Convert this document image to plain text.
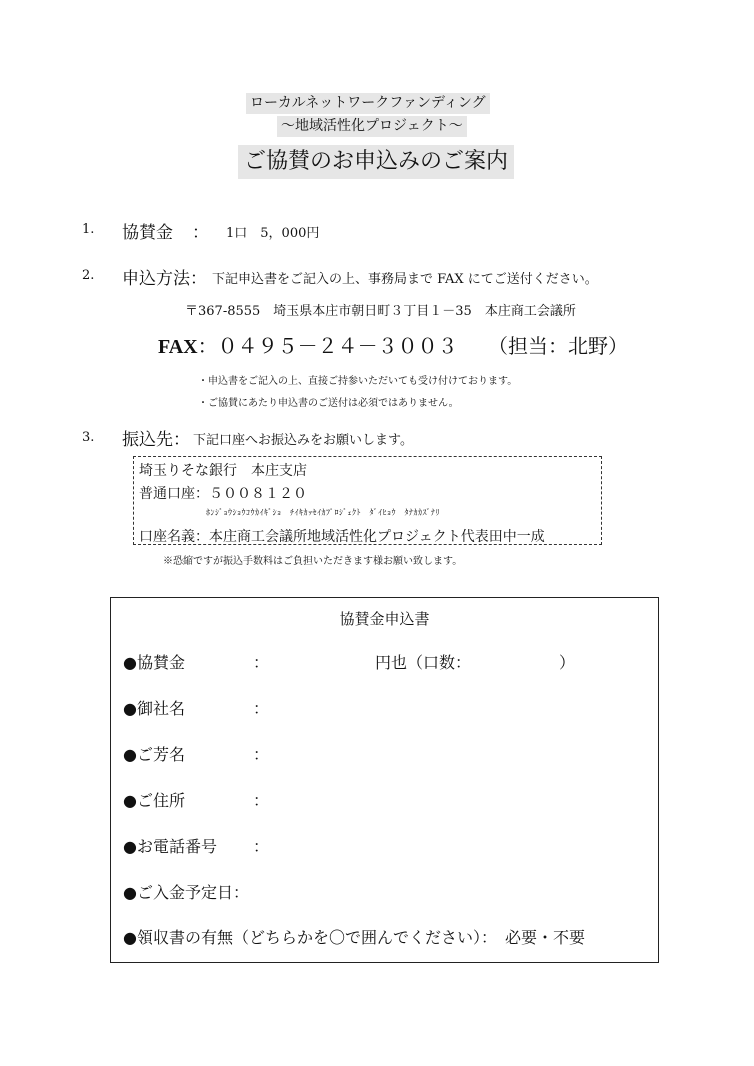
ローカルネットワークファンディング
～地域活性化プロジェクト～
ご協賛のお申込みのご案内
1. 協賛金 ： 1口　5，000円
2. 申込方法： 下記申込書をご記入の上、事務局まで FAX にてご送付ください。
〒367-8555　埼玉県本庄市朝日町３丁目１－35　本庄商工会議所
FAX：０４９５－２４－３００３ （担当：北野）
・申込書をご記入の上、直接ご持参いただいても受け付けております。
・ご協賛にあたり申込書のご送付は必須ではありません。
3. 振込先： 下記口座へお振込みをお願いします。
埼玉りそな銀行　本庄支店
普通口座：５００８１２０
ﾎﾝｼﾞｮｳｼｮｳｺｳｶｲｷﾞｼｮ　ﾁｲｷｶｯｾｲｶﾌﾟﾛｼﾞｪｸﾄ　ﾀﾞｲﾋｮｳ　ﾀﾅｶｶｽﾞﾅﾘ
口座名義：本庄商工会議所地域活性化プロジェクト代表田中一成
※恐縮ですが振込手数料はご負担いただきます様お願い致します。
協賛金申込書
●協賛金	：	円也（口数：　　　　　　）
●御社名	：
●ご芳名	：
●ご住所	：
●お電話番号 ：
●ご入金予定日：
●領収書の有無（どちらかを〇で囲んでください）：　必要・不要
